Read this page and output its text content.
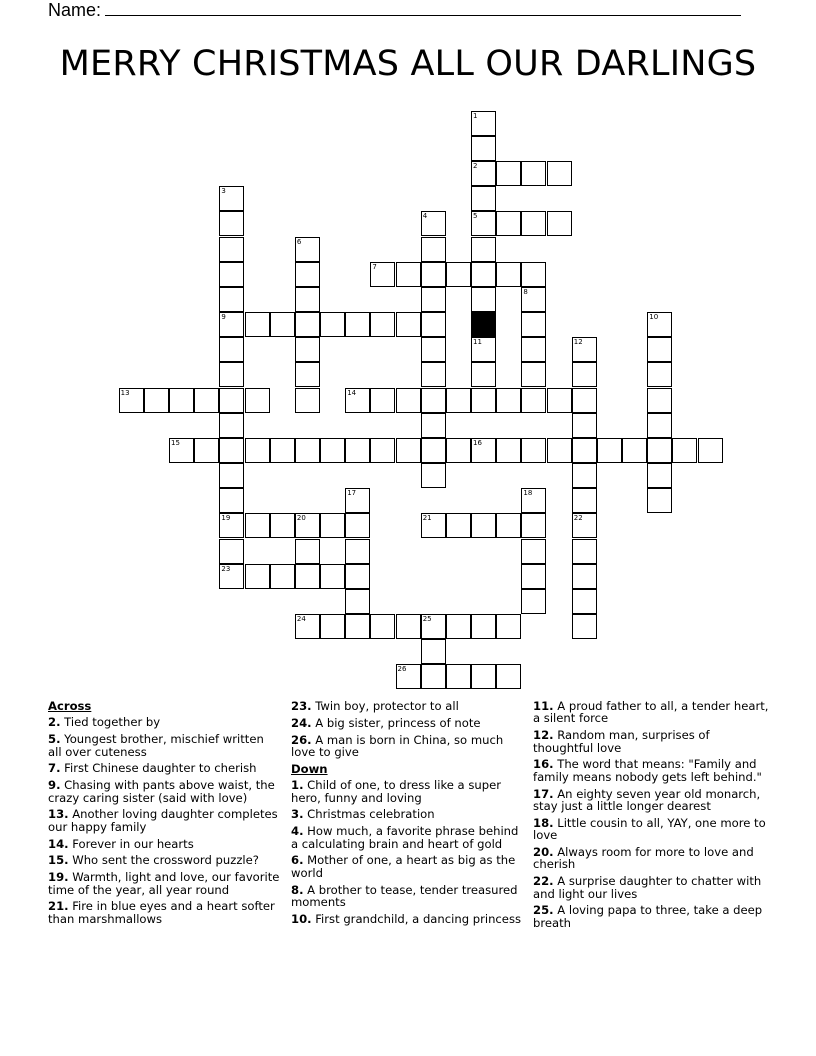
Name:
MERRY CHRISTMAS ALL OUR DARLINGS
1
2
5
3
9
19
23
4
6
7
8
10
11	12
13	14
15	16
17	18
20	21	22
24	25
26
Across
2. Tied together by
5. Youngest brother, mischief written all over cuteness
7. First Chinese daughter to cherish
9. Chasing with pants above waist, the crazy caring sister (said with love)
13. Another loving daughter completes our happy family
14. Forever in our hearts
15. Who sent the crossword puzzle?
19. Warmth, light and love, our favorite time of the year, all year round
21. Fire in blue eyes and a heart softer than marshmallows
23. Twin boy, protector to all
24. A big sister, princess of note
26. A man is born in China, so much love to give
Down
1. Child of one, to dress like a super hero, funny and loving
3. Christmas celebration
4. How much, a favorite phrase behind a calculating brain and heart of gold
6. Mother of one, a heart as big as the world
8. A brother to tease, tender treasured moments
10. First grandchild, a dancing princess
11. A proud father to all, a tender heart, a silent force
12. Random man, surprises of thoughtful love
16. The word that means: "Family and family means nobody gets left behind."
17. An eighty seven year old monarch, stay just a little longer dearest
18. Little cousin to all, YAY, one more to love
20. Always room for more to love and cherish
22. A surprise daughter to chatter with and light our lives
25. A loving papa to three, take a deep breath
